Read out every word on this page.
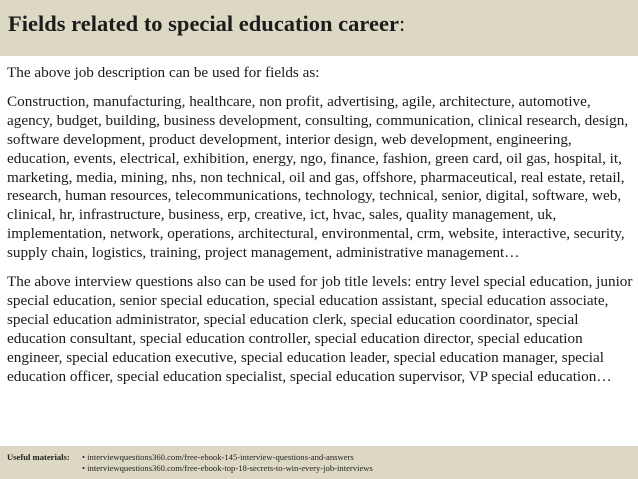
Fields related to special education career:

The above job description can be used for fields as:

Construction, manufacturing, healthcare, non profit, advertising, agile, architecture, automotive, agency, budget, building, business development, consulting, communication, clinical research, design, software development, product development, interior design, web development, engineering, education, events, electrical, exhibition, energy, ngo, finance, fashion, green card, oil gas, hospital, it, marketing, media, mining, nhs, non technical, oil and gas, offshore, pharmaceutical, real estate, retail, research, human resources, telecommunications, technology, technical, senior, digital, software, web, clinical, hr, infrastructure, business, erp, creative, ict, hvac, sales, quality management, uk, implementation, network, operations, architectural, environmental, crm, website, interactive, security, supply chain, logistics, training, project management, administrative management…

The above interview questions also can be used for job title levels: entry level special education, junior special education, senior special education, special education assistant, special education associate, special education administrator, special education clerk, special education coordinator, special education consultant, special education controller, special education director, special education engineer, special education executive, special education leader, special education manager, special education officer, special education specialist, special education supervisor, VP special education…

Useful materials: • interviewquestions360.com/free-ebook-145-interview-questions-and-answers
• interviewquestions360.com/free-ebook-top-18-secrets-to-win-every-job-interviews
